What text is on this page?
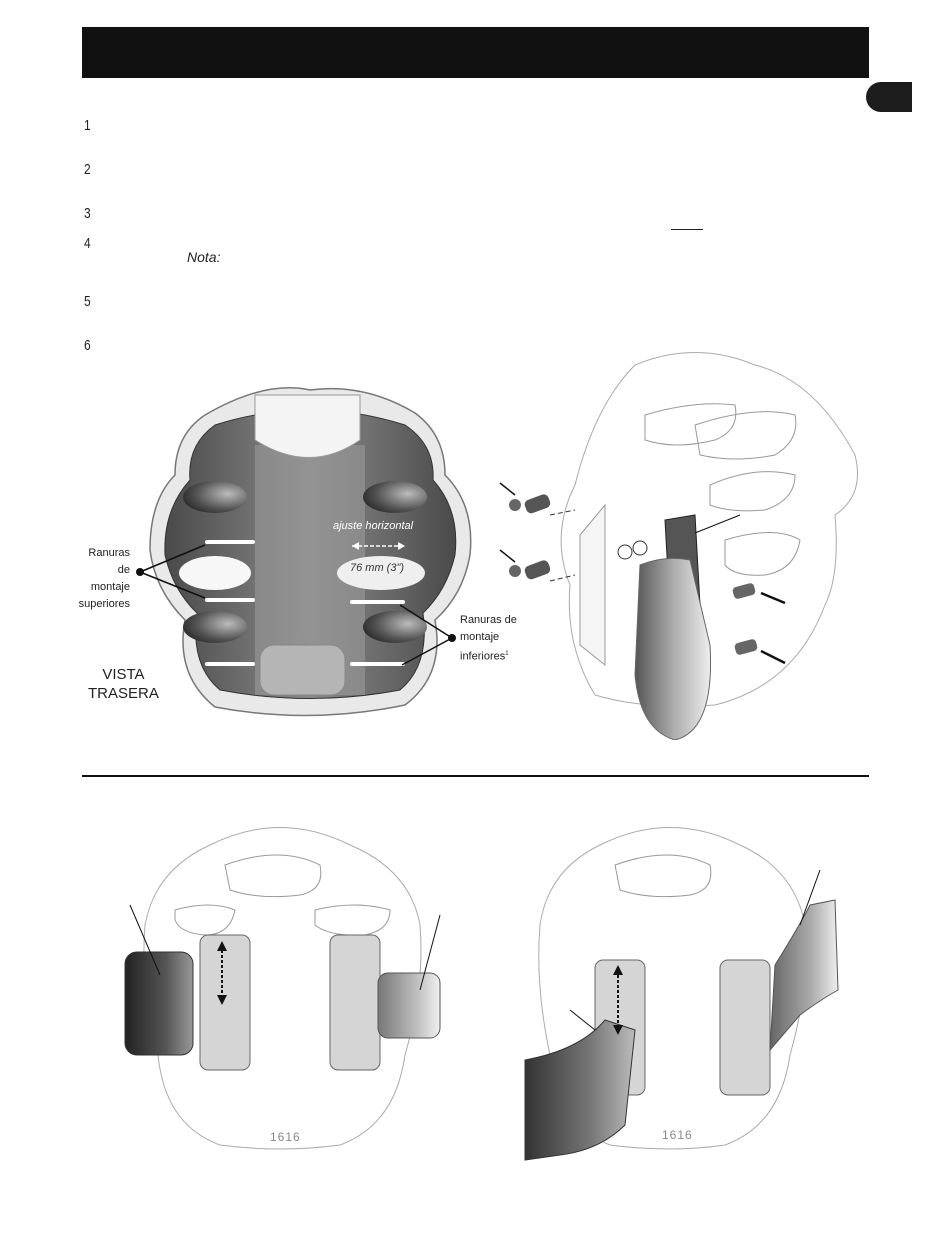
1
2
3
4
Nota:
5
6
ajuste horizontal
76 mm (3")
Ranuras
de
montaje
superiores
Ranuras de
montaje
inferiores$^1$
VISTA
TRASERA
1616	1616
